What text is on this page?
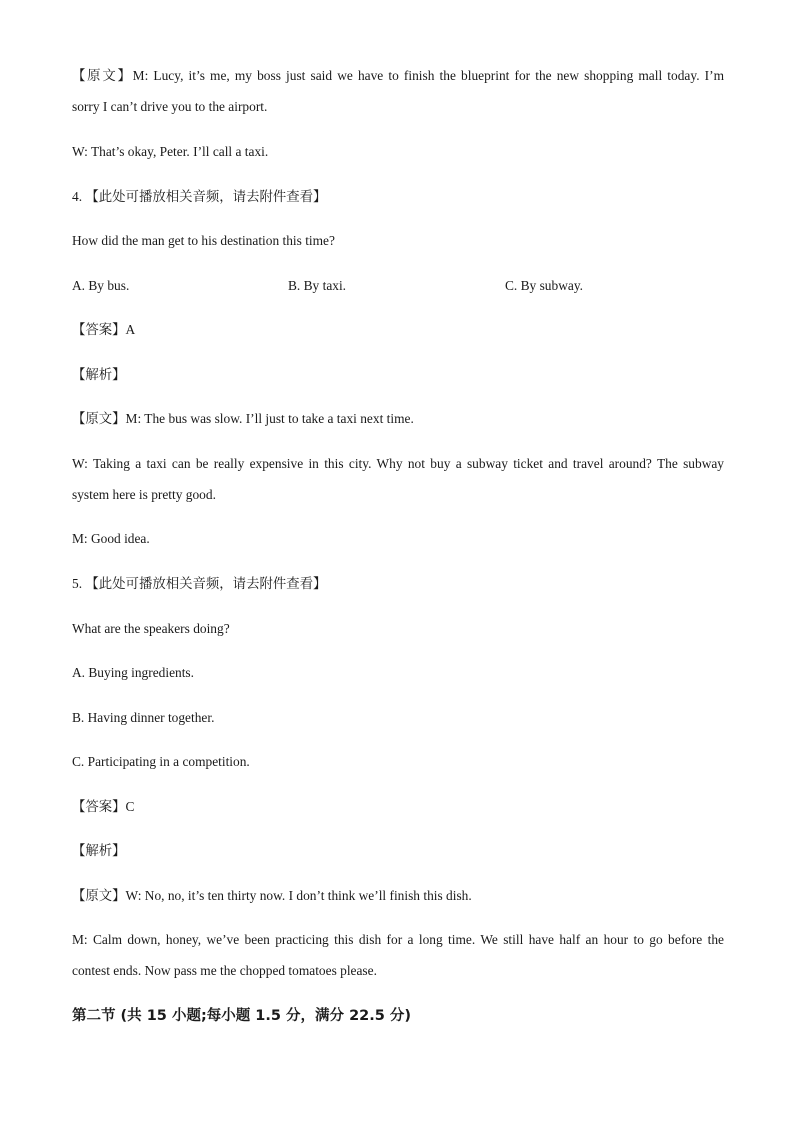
【原文】M: Lucy, it’s me, my boss just said we have to finish the blueprint for the new shopping mall today. I’m
sorry I can’t drive you to the airport.
W: That’s okay, Peter. I’ll call a taxi.
4. 【此处可播放相关音频，请去附件查看】
How did the man get to his destination this time?
A. By bus.	B. By taxi.	C. By subway.
【答案】A
【解析】
【原文】M: The bus was slow. I’ll just to take a taxi next time.
W: Taking a taxi can be really expensive in this city. Why not buy a subway ticket and travel around? The subway
system here is pretty good.
M: Good idea.
5. 【此处可播放相关音频，请去附件查看】
What are the speakers doing?
A. Buying ingredients.
B. Having dinner together.
C. Participating in a competition.
【答案】C
【解析】
【原文】W: No, no, it’s ten thirty now. I don’t think we’ll finish this dish.
M: Calm down, honey, we’ve been practicing this dish for a long time. We still have half an hour to go before the
contest ends. Now pass me the chopped tomatoes please.
第二节 (共 15 小题;每小题 1.5 分，满分 22.5 分)
